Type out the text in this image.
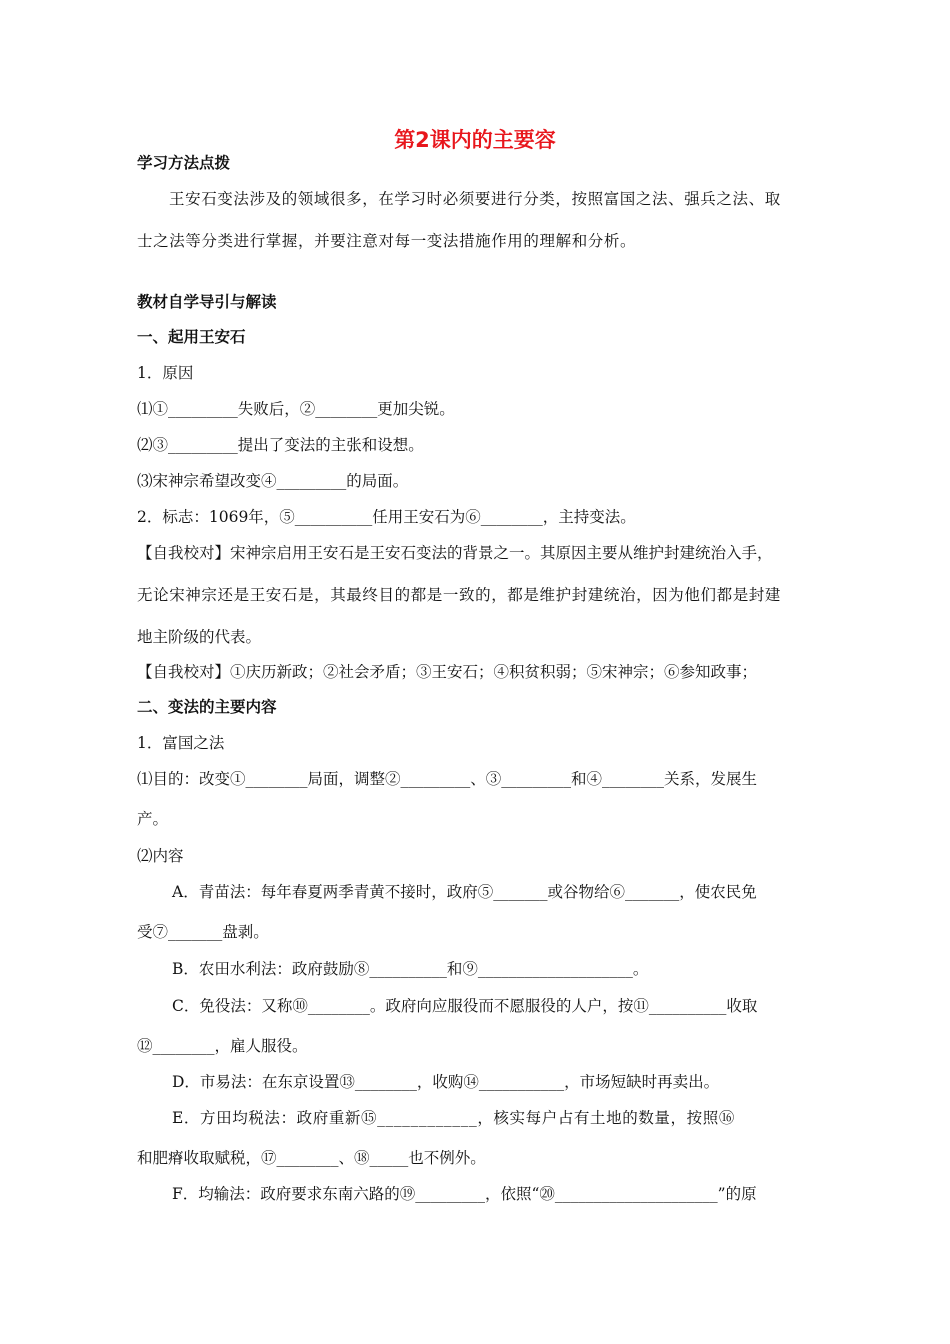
第2课内的主要容
学习方法点拨
王安石变法涉及的领域很多，在学习时必须要进行分类，按照富国之法、强兵之法、取
士之法等分类进行掌握，并要注意对每一变法措施作用的理解和分析。
教材自学导引与解读
一、起用王安石
1．原因
⑴①_________失败后，②________更加尖锐。
⑵③_________提出了变法的主张和设想。
⑶宋神宗希望改变④_________的局面。
2．标志：1069年，⑤__________任用王安石为⑥________，主持变法。
【自我校对】宋神宗启用王安石是王安石变法的背景之一。其原因主要从维护封建统治入手，
无论宋神宗还是王安石是，其最终目的都是一致的，都是维护封建统治，因为他们都是封建
地主阶级的代表。
【自我校对】①庆历新政；②社会矛盾；③王安石；④积贫积弱；⑤宋神宗；⑥参知政事；
二、变法的主要内容
1．富国之法
⑴目的：改变①________局面，调整②_________、③_________和④________关系，发展生
产。
⑵内容
A．青苗法：每年春夏两季青黄不接时，政府⑤_______或谷物给⑥_______，使农民免
受⑦_______盘剥。
B．农田水利法：政府鼓励⑧__________和⑨____________________。
C．免役法：又称⑩________。政府向应服役而不愿服役的人户，按⑪__________收取
⑫________，雇人服役。
D．市易法：在东京设置⑬________，收购⑭___________，市场短缺时再卖出。
E．方田均税法：政府重新⑮____________，核实每户占有土地的数量，按照⑯
和肥瘠收取赋税，⑰________、⑱_____也不例外。
F．均输法：政府要求东南六路的⑲_________，依照“⑳_____________________”的原
